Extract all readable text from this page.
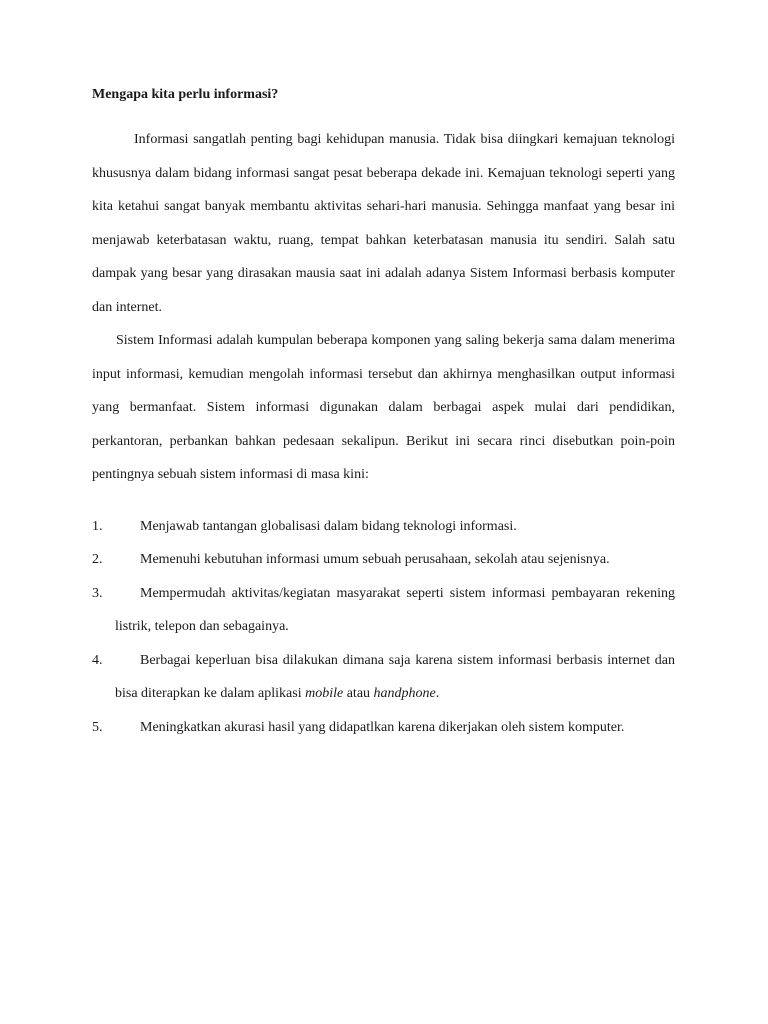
Mengapa kita perlu informasi?

Informasi sangatlah penting bagi kehidupan manusia. Tidak bisa diingkari kemajuan teknologi khususnya dalam bidang informasi sangat pesat beberapa dekade ini. Kemajuan teknologi seperti yang kita ketahui sangat banyak membantu aktivitas sehari-hari manusia. Sehingga manfaat yang besar ini menjawab keterbatasan waktu, ruang, tempat bahkan keterbatasan manusia itu sendiri. Salah satu dampak yang besar yang dirasakan mausia saat ini adalah adanya Sistem Informasi berbasis komputer dan internet.

Sistem Informasi adalah kumpulan beberapa komponen yang saling bekerja sama dalam menerima input informasi, kemudian mengolah informasi tersebut dan akhirnya menghasilkan output informasi yang bermanfaat. Sistem informasi digunakan dalam berbagai aspek mulai dari pendidikan, perkantoran, perbankan bahkan pedesaan sekalipun. Berikut ini secara rinci disebutkan poin-poin pentingnya sebuah sistem informasi di masa kini:

1.	Menjawab tantangan globalisasi dalam bidang teknologi informasi.
2.	Memenuhi kebutuhan informasi umum sebuah perusahaan, sekolah atau sejenisnya.
3.	Mempermudah aktivitas/kegiatan masyarakat seperti sistem informasi pembayaran rekening listrik, telepon dan sebagainya.
4.	Berbagai keperluan bisa dilakukan dimana saja karena sistem informasi berbasis internet dan bisa diterapkan ke dalam aplikasi mobile atau handphone.
5.	Meningkatkan akurasi hasil yang didapatlkan karena dikerjakan oleh sistem komputer.
